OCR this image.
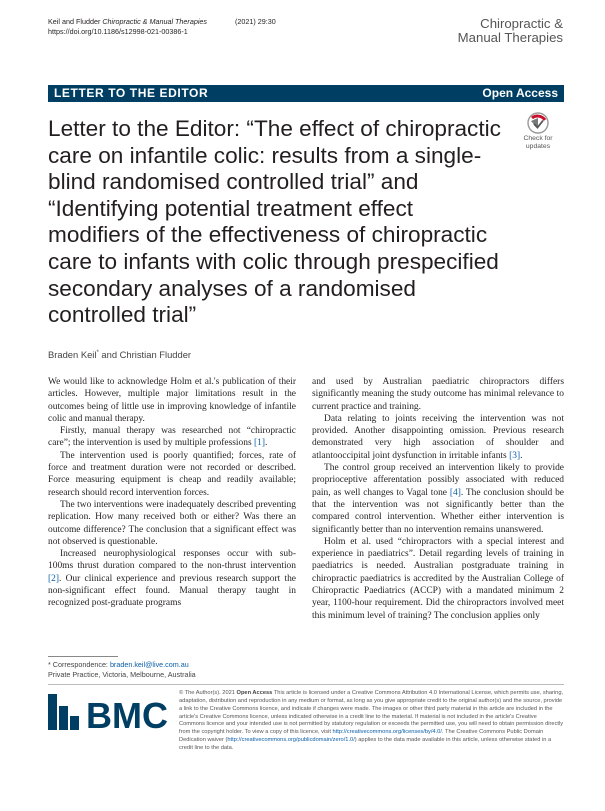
Keil and Fludder Chiropractic & Manual Therapies	(2021) 29:30
https://doi.org/10.1186/s12998-021-00386-1
Chiropractic &
Manual Therapies
LETTER TO THE EDITOR	Open Access
Letter to the Editor: “The effect of chiropractic care on infantile colic: results from a single-blind randomised controlled trial” and “Identifying potential treatment effect modifiers of the effectiveness of chiropractic care to infants with colic through prespecified secondary analyses of a randomised controlled trial”
Check for
updates
Braden Keil* and Christian Fludder

We would like to acknowledge Holm et al.'s publication of their articles. However, multiple major limitations result in the outcomes being of little use in improving knowledge of infantile colic and manual therapy.

Firstly, manual therapy was researched not “chiropractic care”; the intervention is used by multiple professions [1].

The intervention used is poorly quantified; forces, rate of force and treatment duration were not recorded or described. Force measuring equipment is cheap and readily available; research should record intervention forces.

The two interventions were inadequately described preventing replication. How many received both or either? Was there an outcome difference? The conclusion that a significant effect was not observed is questionable.

Increased neurophysiological responses occur with sub-100ms thrust duration compared to the non-thrust intervention [2]. Our clinical experience and previous research support the non-significant effect found. Manual therapy taught in recognized post-graduate programs

and used by Australian paediatric chiropractors differs significantly meaning the study outcome has minimal relevance to current practice and training.

Data relating to joints receiving the intervention was not provided. Another disappointing omission. Previous research demonstrated very high association of shoulder and atlantooccipital joint dysfunction in irritable infants [3].

The control group received an intervention likely to provide proprioceptive afferentation possibly associated with reduced pain, as well changes to Vagal tone [4]. The conclusion should be that the intervention was not significantly better than the compared control intervention. Whether either intervention is significantly better than no intervention remains unanswered.

Holm et al. used “chiropractors with a special interest and experience in paediatrics”. Detail regarding levels of training in paediatrics is needed. Australian postgraduate training in chiropractic paediatrics is accredited by the Australian College of Chiropractic Paediatrics (ACCP) with a mandated minimum 2 year, 1100-hour requirement. Did the chiropractors involved meet this minimum level of training? The conclusion applies only

* Correspondence: braden.keil@live.com.au
Private Practice, Victoria, Melbourne, Australia
BMC
© The Author(s). 2021 Open Access This article is licensed under a Creative Commons Attribution 4.0 International License, which permits use, sharing, adaptation, distribution and reproduction in any medium or format, as long as you give appropriate credit to the original author(s) and the source, provide a link to the Creative Commons licence, and indicate if changes were made. The images or other third party material in this article are included in the article's Creative Commons licence, unless indicated otherwise in a credit line to the material. If material is not included in the article's Creative Commons licence and your intended use is not permitted by statutory regulation or exceeds the permitted use, you will need to obtain permission directly from the copyright holder. To view a copy of this licence, visit http://creativecommons.org/licenses/by/4.0/. The Creative Commons Public Domain Dedication waiver (http://creativecommons.org/publicdomain/zero/1.0/) applies to the data made available in this article, unless otherwise stated in a credit line to the data.
